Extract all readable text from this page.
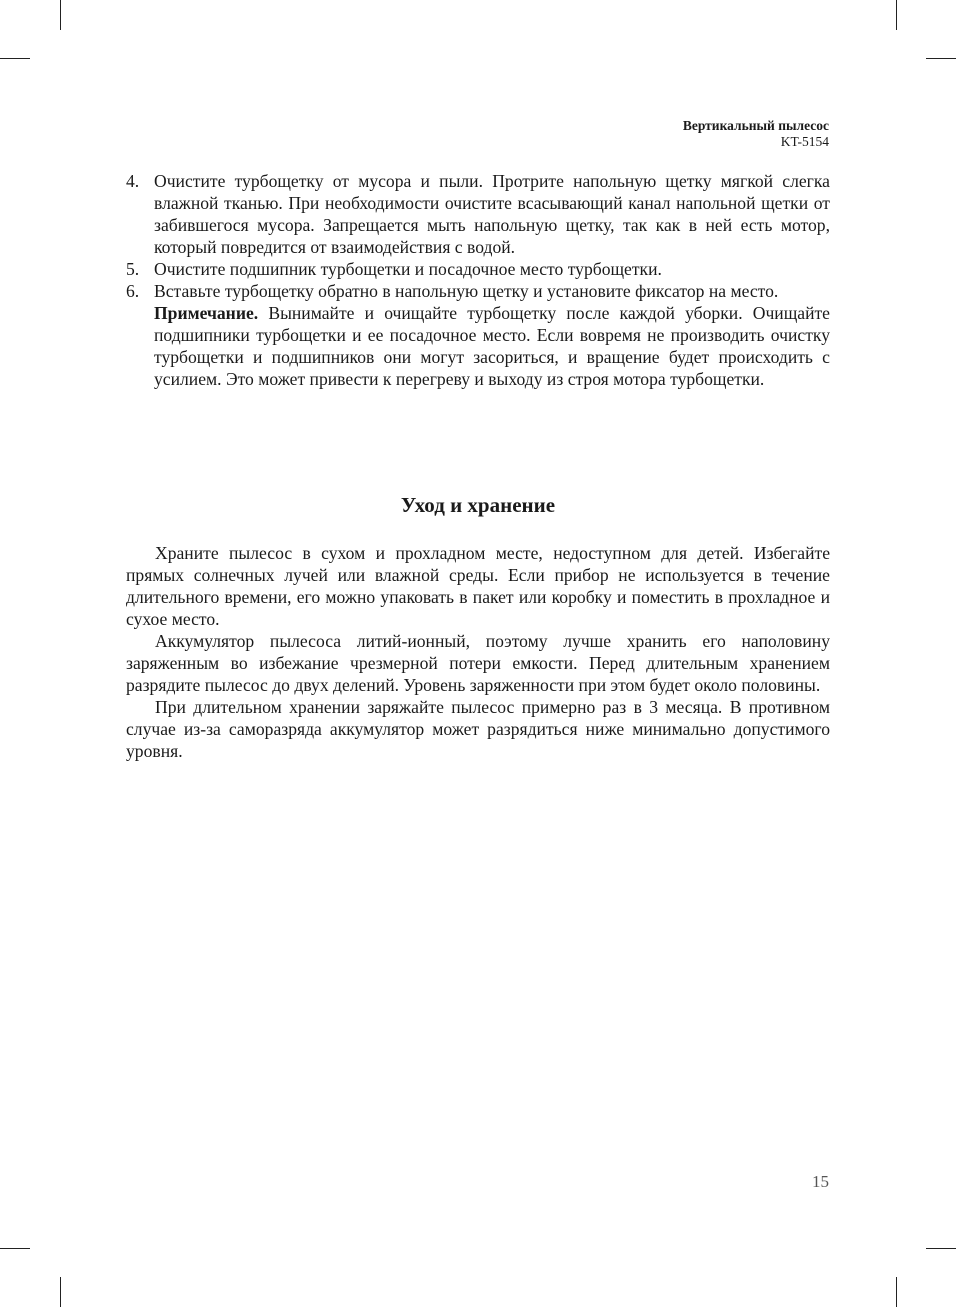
Вертикальный пылесос
KT-5154
4. Очистите турбощетку от мусора и пыли. Протрите напольную щетку мягкой слегка влажной тканью. При необходимости очистите всасывающий канал напольной щетки от забившегося мусора. Запрещается мыть напольную щетку, так как в ней есть мотор, который повредится от взаимодействия с водой.
5. Очистите подшипник турбощетки и посадочное место турбощетки.
6. Вставьте турбощетку обратно в напольную щетку и установите фиксатор на место.
Примечание. Вынимайте и очищайте турбощетку после каждой уборки. Очищайте подшипники турбощетки и ее посадочное место. Если вовремя не производить очистку турбощетки и подшипников они могут засориться, и вращение будет происходить с усилием. Это может привести к перегреву и выходу из строя мотора турбощетки.
Уход и хранение

Храните пылесос в сухом и прохладном месте, недоступном для детей. Избегайте прямых солнечных лучей или влажной среды. Если прибор не используется в течение длительного времени, его можно упаковать в пакет или коробку и поместить в прохладное и сухое место.

Аккумулятор пылесоса литий-ионный, поэтому лучше хранить его наполовину заряженным во избежание чрезмерной потери емкости. Перед длительным хранением разрядите пылесос до двух делений. Уровень заряженности при этом будет около половины.

При длительном хранении заряжайте пылесос примерно раз в 3 месяца. В противном случае из-за саморазряда аккумулятор может разрядиться ниже минимально допустимого уровня.

15
